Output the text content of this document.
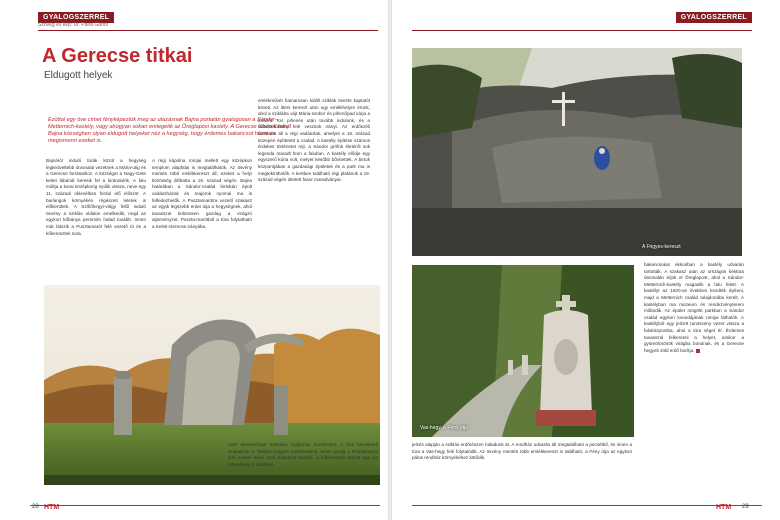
GYALOGSZERREL
Szöveg és kép: Dr. Paira Gábor
A Gerecse titkai
Eldugott helyek
Ezúttal egy öve címet fényképeztük meg az utazásnak Bajna portalán gyalogosan a Sándor–Metternich-kastély, vagy ahogyan sokan emlegetik az Öreglaposi kastély. A Gerecse lábánál fekvő Bajna községben olyan eldugott helyeket néz a hegység, hogy érdemes bakancsot húzni és megismerni ezeket is.

Bajnáról induló túrák közül a hegység legkedveltebb útvonalai vezetnek a Mária-utig és a Gerecse forrásaihoz. A községet a Nagy-Gete keleti lábánál keresik fel a kirándulók. A falu múltja a korai középkorig nyúlik vissza, neve egy 11. századi oklevélben fordul elő először. A barlangok környékén régészeti leletek is előkerültek. A Szőlőhegyi-völgy felől induló ösvény a sziklás oldalon emelkedik, majd az egykori kőbánya peremén halad tovább. Innen már látszik a Pusztamarót felé vezető út és a kőkeresztek sora.

A régi kápolna romjai mellett egy középkori templom alapfalai is megtalálhatók. Az ösvény mentén több emlékkereszt áll, ezeket a helyi közösség állíttatta a 19. század végén. Bajna határában a Sándor-család birtokán épült vadászházak és majorok nyomai ma is felfedezhetők. A Pusztamarótra vezető szakasz az egyik legszebb erdei útja a hegységnek, ahol tavasszal különösen gazdag a virágzó aljnövényzet. Puszta-marótból a túra folytatható a Keleti-Gerecse irányába.

emlékművét hamarosan kiállít sziklák övezte kaptatót követi. Az itteni kereszt után egy emlékhelyre érünk, ahol a sziklába vájt Mária-szobor és pihenőpad várja a túrázót. Kis pihenés után tovább indulunk, és a Sándor-kastély felé veszünk irányt. Az erdőszéli tisztáson áll a régi vadászlak, amelyet a 19. század közepén építtetett a család. A kastély építése számos érdekes történetet rejt, a Sándor grófok életéről sok legenda maradt fenn a faluban. A kastély elődje egy egyszerű kúria volt, melyet később bővítettek. A birtok központjában a gazdasági épületek és a park ma is megtekinthetők. A kertben található régi platánok a 19. század végén ültetett fasor maradványai.

28 HTM
GYALOGSZERREL
A Frigyes-kereszt
Vas-hegy, a Fény útja

bakancsokat ekkoriban a kastély udvarán tartották. A szakasz után az országos kéktúra útvonalán érjük el Öreglapost, ahol a Sándor-Metternich-kastély magaslik a falu felett. A kastélyt az 1820-as években kezdték építeni, majd a Metternich család tulajdonába került. A kastélyban ma múzeum és rendezvényterem működik. Az épület mögötti parkban a Sándor család egykori lovardájának romjai láthatók. A kastélyból egy jelzett tanösvény vezet vissza a faluközpontba, ahol a túra véget ér. Érdemes tavasszal felkeresni a helyet, amikor a gyümölcsösök virágba borulnak, és a Gerecse hegyeit zöld erdő borítja.

HTM 29

mert denevérfajok számára nyújtanak búvóhelyet. A túra következő szakaszán a Tardosi-völgybe ereszkedünk, innen pedig a Pusztamarót felé vezető erdei úton haladunk tovább. A kőkeresztek között egy kis pihenőhely is található.

jelzés alapján a sziklás erdőrészen haladunk át. A rendház udvarán áll megtalálható a pecsétkő, és innen a túra a Vas-hegy felé folytatódik. Az ösvény mentén több emlékkereszt is található, a Fény útja az egykori pálos rendház környékéhez kötődik.
